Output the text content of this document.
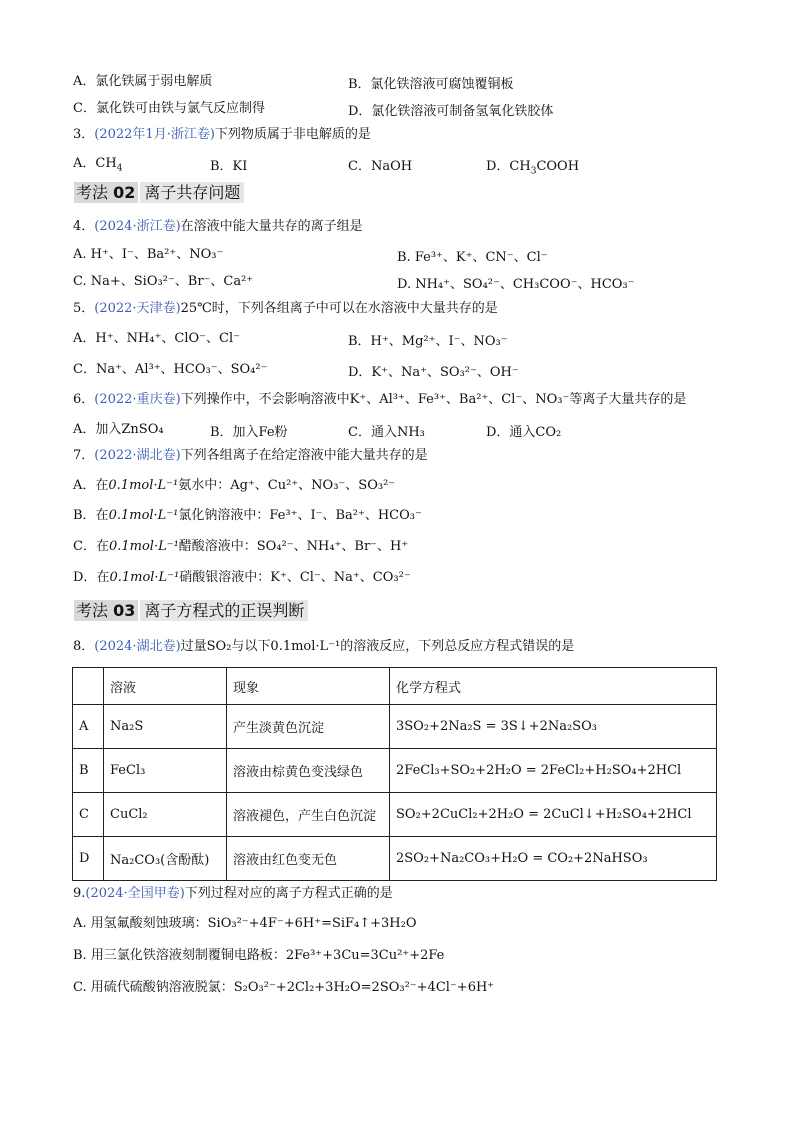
A．氯化铁属于弱电解质	B．氯化铁溶液可腐蚀覆铜板
C．氯化铁可由铁与氯气反应制得	D．氯化铁溶液可制备氢氧化铁胶体
3．(2022年1月·浙江卷)下列物质属于非电解质的是
A．$CH_4$	B．KI	C．NaOH	D．$CH_3COOH$
考法 02 离子共存问题
4．(2024·浙江卷)在溶液中能大量共存的离子组是
A. H⁺、I⁻、Ba²⁺、NO₃⁻	B. Fe³⁺、K⁺、CN⁻、Cl⁻
C. Na+、SiO₃²⁻、Br⁻、Ca²⁺	D. NH₄⁺、SO₄²⁻、CH₃COO⁻、HCO₃⁻
5．(2022·天津卷)25℃时，下列各组离子中可以在水溶液中大量共存的是
A．H⁺、NH₄⁺、ClO⁻、Cl⁻	B．H⁺、Mg²⁺、I⁻、NO₃⁻
C．Na⁺、Al³⁺、HCO₃⁻、SO₄²⁻	D．K⁺、Na⁺、SO₃²⁻、OH⁻
6．(2022·重庆卷)下列操作中，不会影响溶液中K⁺、Al³⁺、Fe³⁺、Ba²⁺、Cl⁻、NO₃⁻等离子大量共存的是
A．加入ZnSO₄	B．加入Fe粉	C．通入NH₃	D．通入CO₂
7．(2022·湖北卷)下列各组离子在给定溶液中能大量共存的是
A．在0.1mol·L⁻¹氨水中：Ag⁺、Cu²⁺、NO₃⁻、SO₃²⁻
B．在0.1mol·L⁻¹氯化钠溶液中：Fe³⁺、I⁻、Ba²⁺、HCO₃⁻
C．在0.1mol·L⁻¹醋酸溶液中：SO₄²⁻、NH₄⁺、Br⁻、H⁺
D．在0.1mol·L⁻¹硝酸银溶液中：K⁺、Cl⁻、Na⁺、CO₃²⁻
考法 03 离子方程式的正误判断
8．(2024·湖北卷)过量SO₂与以下0.1mol·L⁻¹的溶液反应，下列总反应方程式错误的是
	溶液	现象	化学方程式
A	Na₂S	产生淡黄色沉淀	3SO₂+2Na₂S = 3S↓+2Na₂SO₃
B	FeCl₃	溶液由棕黄色变浅绿色	2FeCl₃+SO₂+2H₂O = 2FeCl₂+H₂SO₄+2HCl
C	CuCl₂	溶液褪色，产生白色沉淀	SO₂+2CuCl₂+2H₂O = 2CuCl↓+H₂SO₄+2HCl
D	Na₂CO₃(含酚酞)	溶液由红色变无色	2SO₂+Na₂CO₃+H₂O = CO₂+2NaHSO₃
9.(2024·全国甲卷)下列过程对应的离子方程式正确的是
A. 用氢氟酸刻蚀玻璃：SiO₃²⁻+4F⁻+6H⁺=SiF₄↑+3H₂O
B. 用三氯化铁溶液刻制覆铜电路板：2Fe³⁺+3Cu=3Cu²⁺+2Fe
C. 用硫代硫酸钠溶液脱氯：S₂O₃²⁻+2Cl₂+3H₂O=2SO₃²⁻+4Cl⁻+6H⁺
